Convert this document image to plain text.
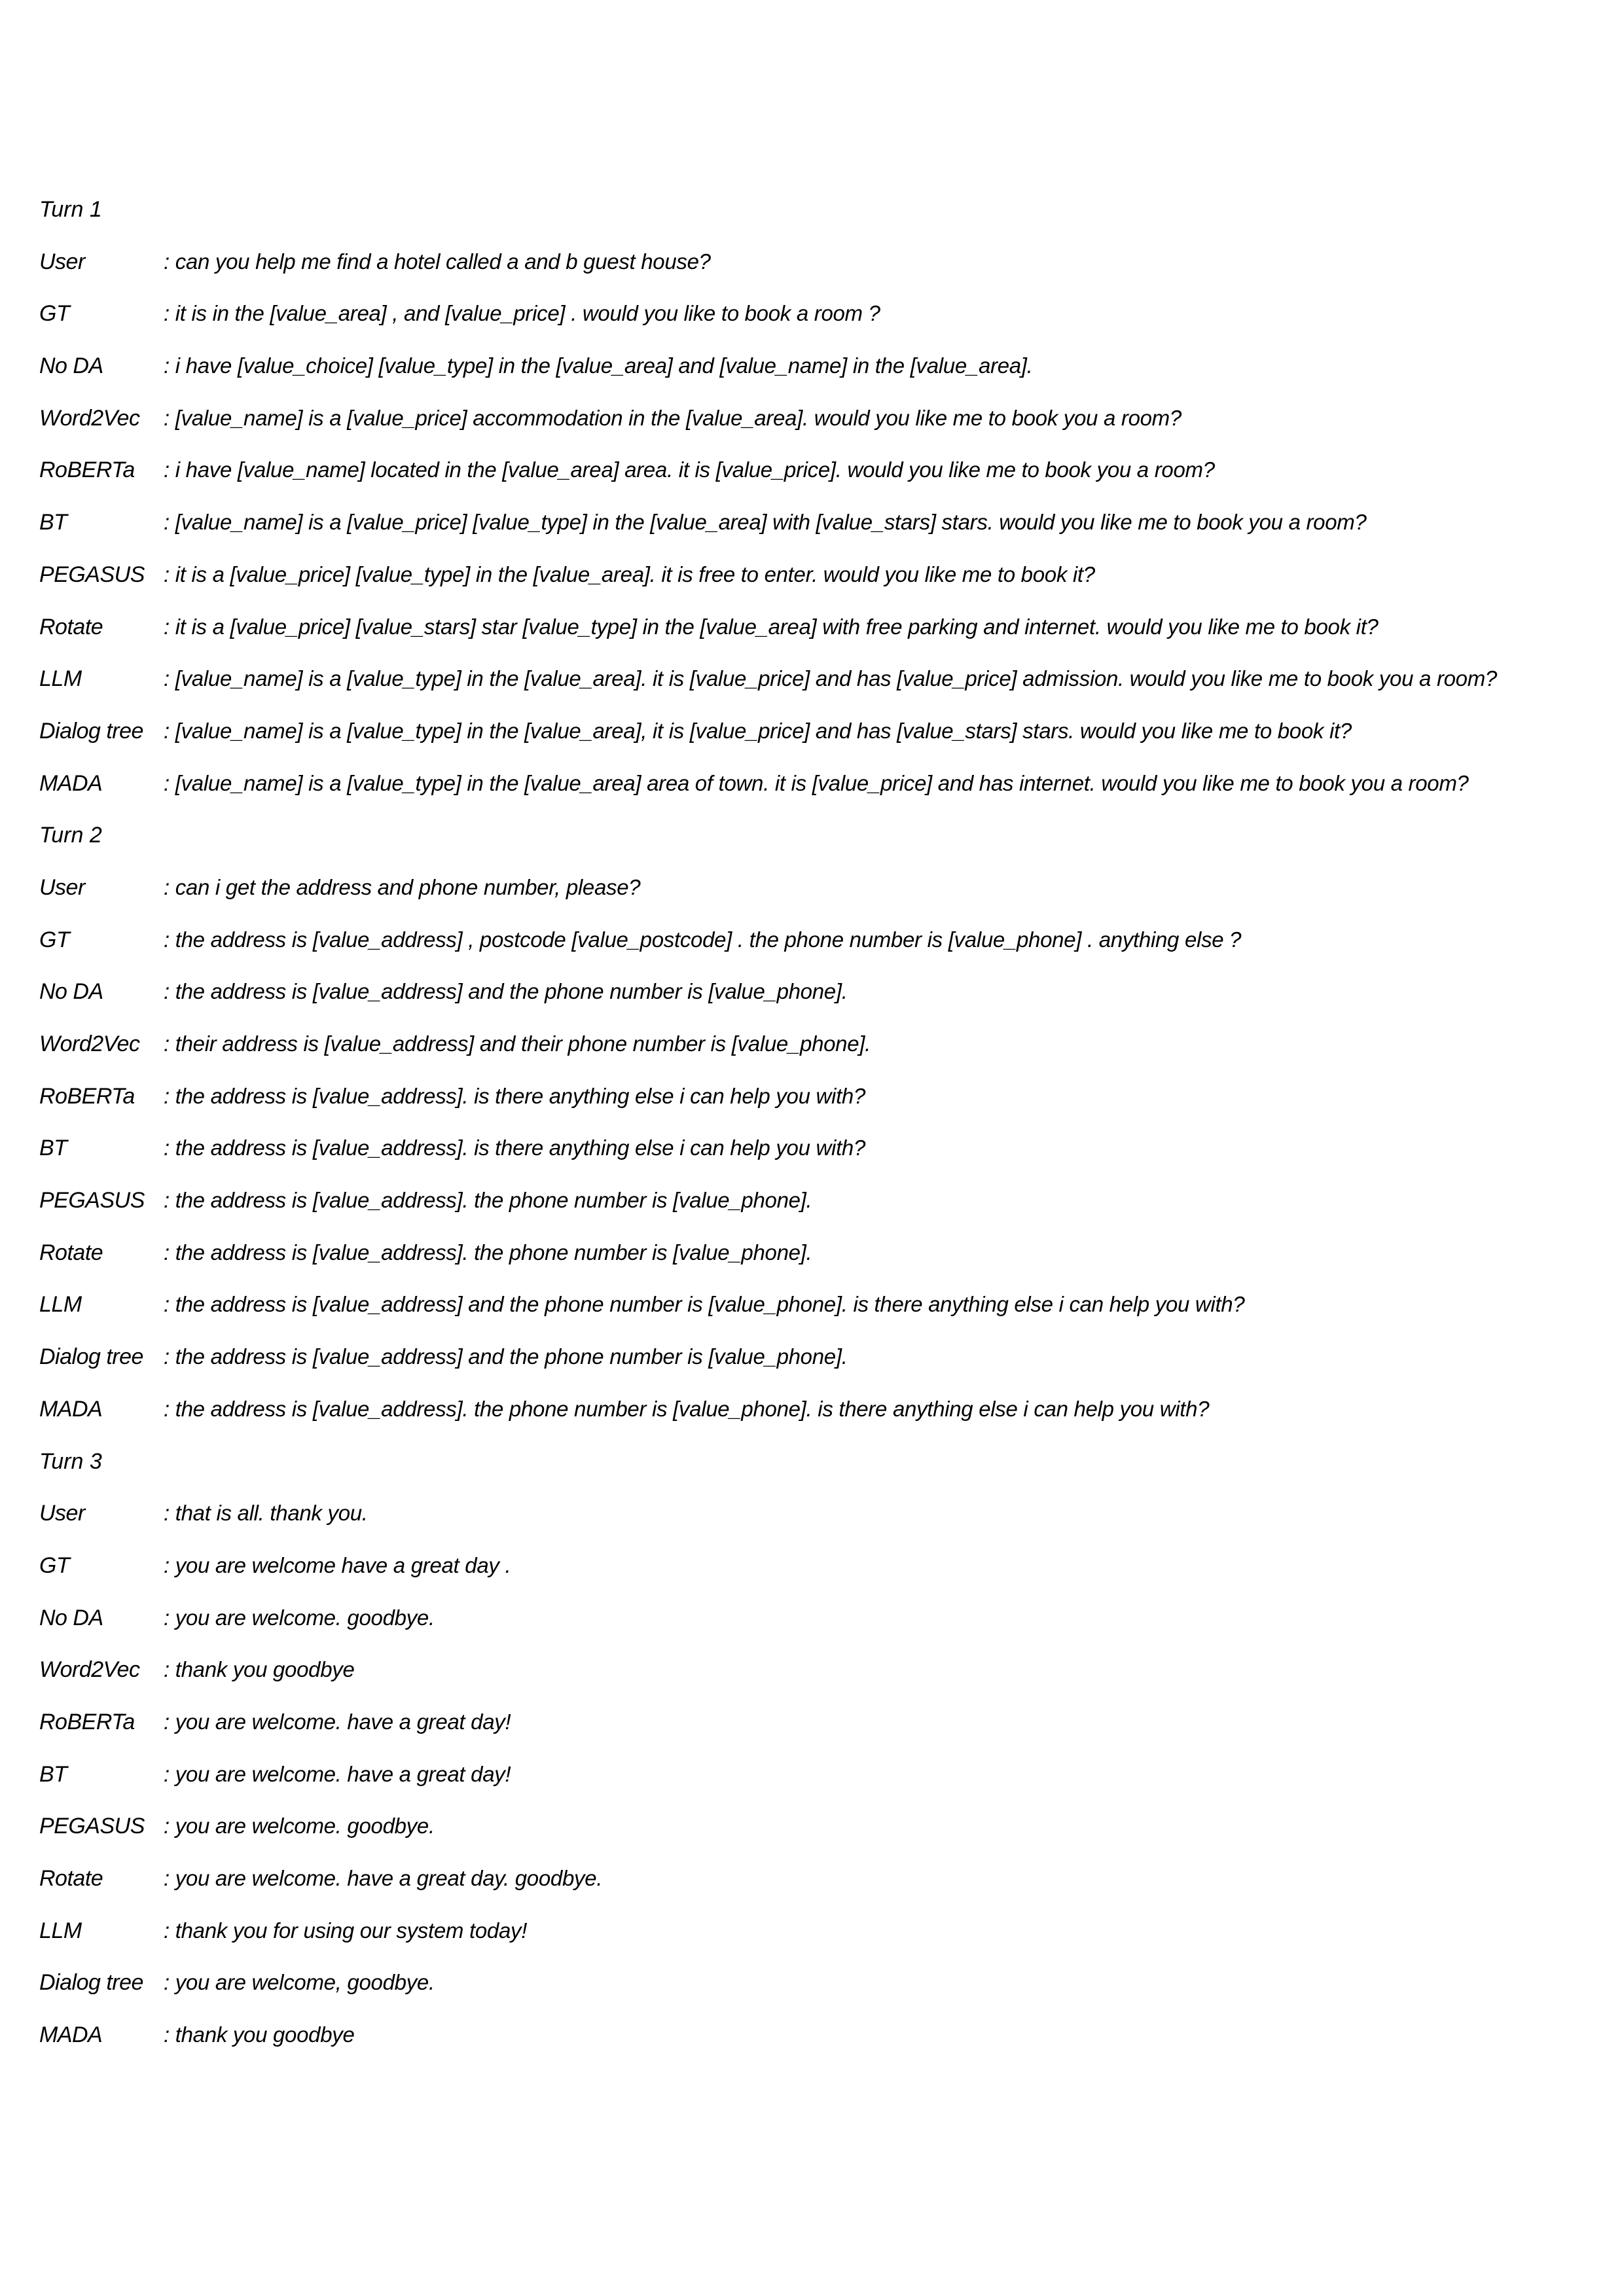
Turn 1
User	: can you help me find a hotel called a and b guest house?
GT	: it is in the [value_area] , and [value_price] . would you like to book a room ?
No DA	: i have [value_choice] [value_type] in the [value_area] and [value_name] in the [value_area].
Word2Vec : [value_name] is a [value_price] accommodation in the [value_area]. would you like me to book you a room?
RoBERTa : i have [value_name] located in the [value_area] area. it is [value_price]. would you like me to book you a room?
BT	: [value_name] is a [value_price] [value_type] in the [value_area] with [value_stars] stars. would you like me to book you a room?
PEGASUS : it is a [value_price] [value_type] in the [value_area]. it is free to enter. would you like me to book it?
Rotate	: it is a [value_price] [value_stars] star [value_type] in the [value_area] with free parking and internet. would you like me to book it?
LLM	: [value_name] is a [value_type] in the [value_area]. it is [value_price] and has [value_price] admission. would you like me to book you a room?
Dialog tree : [value_name] is a [value_type] in the [value_area], it is [value_price] and has [value_stars] stars. would you like me to book it?
MADA	: [value_name] is a [value_type] in the [value_area] area of town. it is [value_price] and has internet. would you like me to book you a room?
Turn 2
User	: can i get the address and phone number, please?
GT	: the address is [value_address] , postcode [value_postcode] . the phone number is [value_phone] . anything else ?
No DA	: the address is [value_address] and the phone number is [value_phone].
Word2Vec : their address is [value_address] and their phone number is [value_phone].
RoBERTa : the address is [value_address]. is there anything else i can help you with?
BT	: the address is [value_address]. is there anything else i can help you with?
PEGASUS : the address is [value_address]. the phone number is [value_phone].
Rotate	: the address is [value_address]. the phone number is [value_phone].
LLM	: the address is [value_address] and the phone number is [value_phone]. is there anything else i can help you with?
Dialog tree : the address is [value_address] and the phone number is [value_phone].
MADA	: the address is [value_address]. the phone number is [value_phone]. is there anything else i can help you with?
Turn 3
User	: that is all. thank you.
GT	: you are welcome have a great day .
No DA	: you are welcome. goodbye.
Word2Vec : thank you goodbye
RoBERTa : you are welcome. have a great day!
BT	: you are welcome. have a great day!
PEGASUS : you are welcome. goodbye.
Rotate	: you are welcome. have a great day. goodbye.
LLM	: thank you for using our system today!
Dialog tree : you are welcome, goodbye.
MADA	: thank you goodbye
